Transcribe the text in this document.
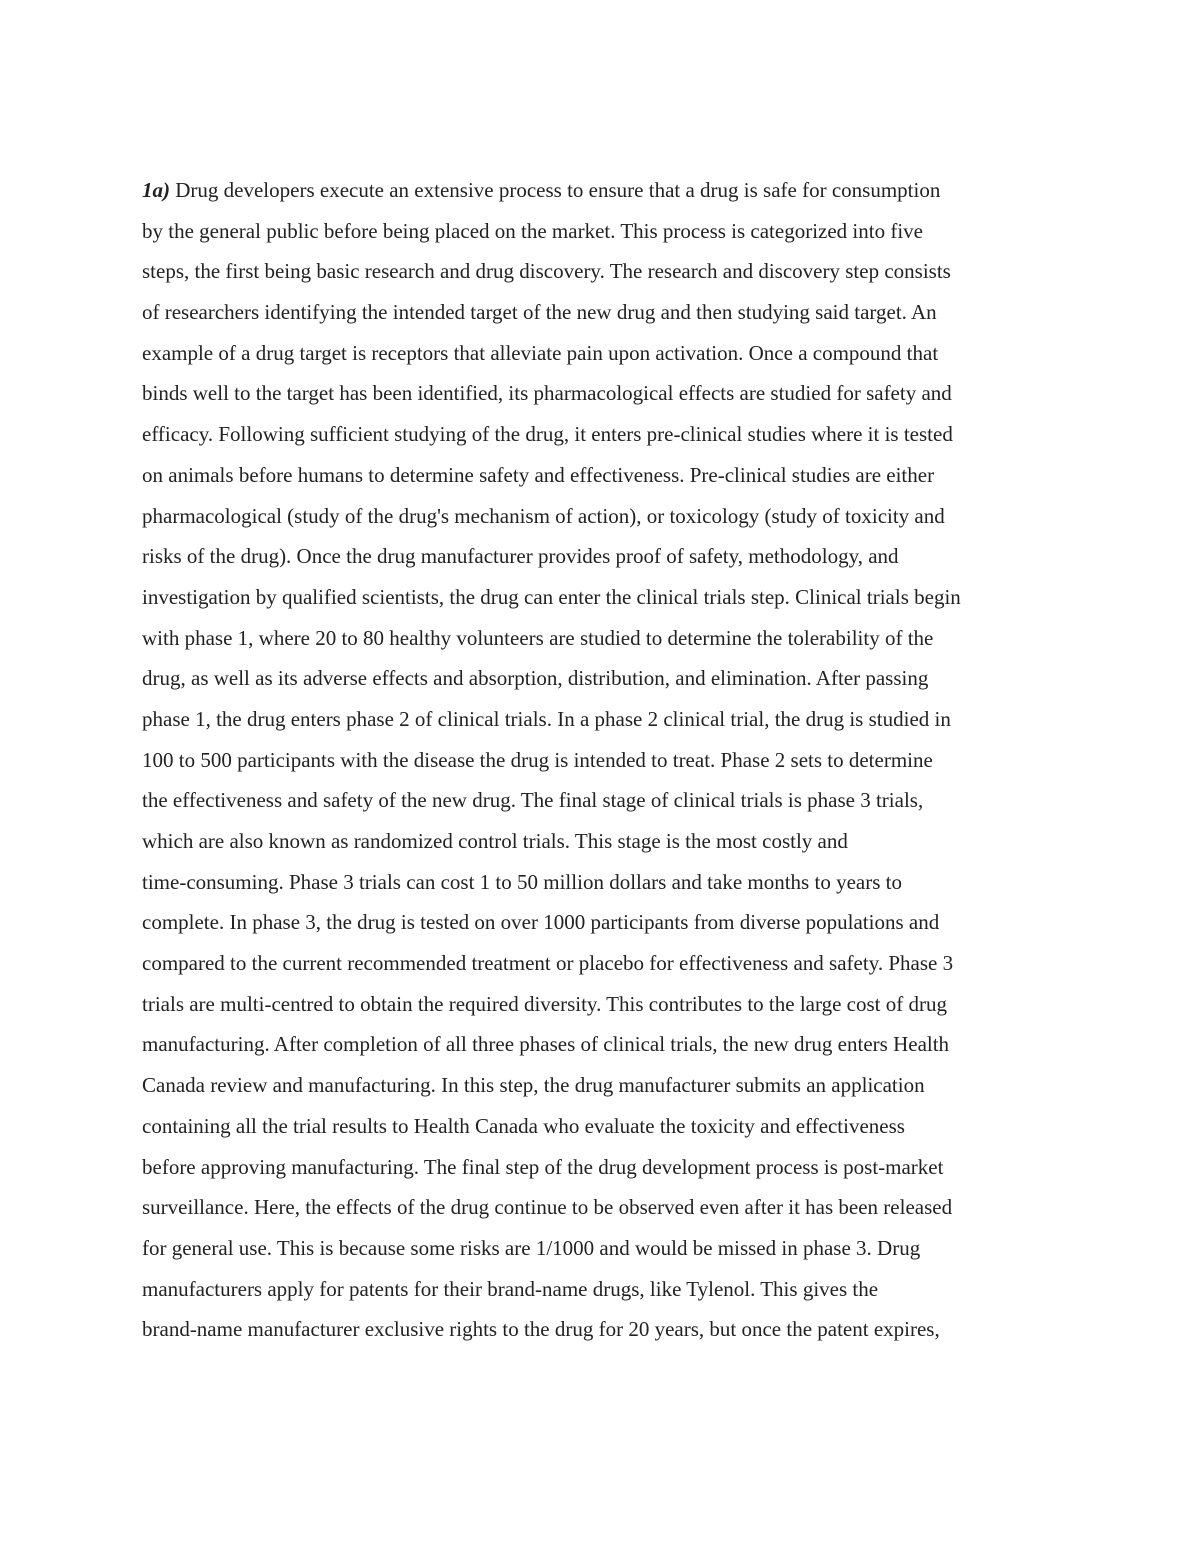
1a) Drug developers execute an extensive process to ensure that a drug is safe for consumption
by the general public before being placed on the market. This process is categorized into five
steps, the first being basic research and drug discovery. The research and discovery step consists
of researchers identifying the intended target of the new drug and then studying said target. An
example of a drug target is receptors that alleviate pain upon activation. Once a compound that
binds well to the target has been identified, its pharmacological effects are studied for safety and
efficacy. Following sufficient studying of the drug, it enters pre-clinical studies where it is tested
on animals before humans to determine safety and effectiveness. Pre-clinical studies are either
pharmacological (study of the drug's mechanism of action), or toxicology (study of toxicity and
risks of the drug). Once the drug manufacturer provides proof of safety, methodology, and
investigation by qualified scientists, the drug can enter the clinical trials step. Clinical trials begin
with phase 1, where 20 to 80 healthy volunteers are studied to determine the tolerability of the
drug, as well as its adverse effects and absorption, distribution, and elimination. After passing
phase 1, the drug enters phase 2 of clinical trials. In a phase 2 clinical trial, the drug is studied in
100 to 500 participants with the disease the drug is intended to treat. Phase 2 sets to determine
the effectiveness and safety of the new drug. The final stage of clinical trials is phase 3 trials,
which are also known as randomized control trials. This stage is the most costly and
time-consuming. Phase 3 trials can cost 1 to 50 million dollars and take months to years to
complete. In phase 3, the drug is tested on over 1000 participants from diverse populations and
compared to the current recommended treatment or placebo for effectiveness and safety. Phase 3
trials are multi-centred to obtain the required diversity. This contributes to the large cost of drug
manufacturing. After completion of all three phases of clinical trials, the new drug enters Health
Canada review and manufacturing. In this step, the drug manufacturer submits an application
containing all the trial results to Health Canada who evaluate the toxicity and effectiveness
before approving manufacturing. The final step of the drug development process is post-market
surveillance. Here, the effects of the drug continue to be observed even after it has been released
for general use. This is because some risks are 1/1000 and would be missed in phase 3. Drug
manufacturers apply for patents for their brand-name drugs, like Tylenol. This gives the
brand-name manufacturer exclusive rights to the drug for 20 years, but once the patent expires,
